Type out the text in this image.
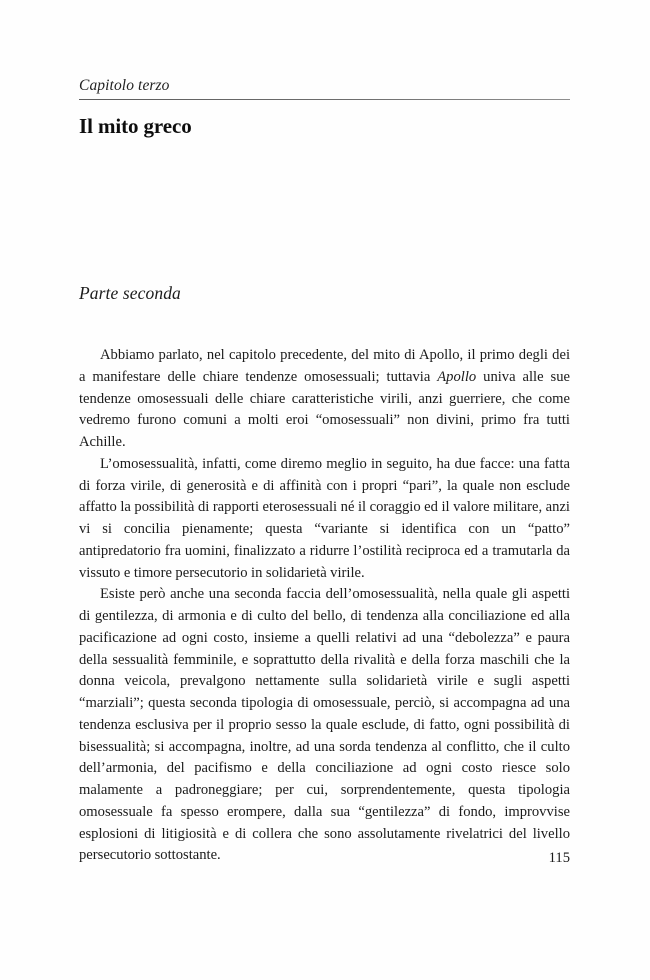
Capitolo terzo
Il mito greco
Parte seconda

Abbiamo parlato, nel capitolo precedente, del mito di Apollo, il primo degli dei a manifestare delle chiare tendenze omosessuali; tuttavia Apollo univa alle sue tendenze omosessuali delle chiare caratteristiche virili, anzi guerriere, che come vedremo furono comuni a molti eroi “omosessuali” non divini, primo fra tutti Achille.

L’omosessualità, infatti, come diremo meglio in seguito, ha due facce: una fatta di forza virile, di generosità e di affinità con i propri “pari”, la quale non esclude affatto la possibilità di rapporti eterosessuali né il coraggio ed il valore militare, anzi vi si concilia pienamente; questa “variante si identifica con un “patto” antipredatorio fra uomini, finalizzato a ridurre l’ostilità reciproca ed a tramutarla da vissuto e timore persecutorio in solidarietà virile.

Esiste però anche una seconda faccia dell’omosessualità, nella quale gli aspetti di gentilezza, di armonia e di culto del bello, di tendenza alla conciliazione ed alla pacificazione ad ogni costo, insieme a quelli relativi ad una “debolezza” e paura della sessualità femminile, e soprattutto della rivalità e della forza maschili che la donna veicola, prevalgono nettamente sulla solidarietà virile e sugli aspetti “marziali”; questa seconda tipologia di omosessuale, perciò, si accompagna ad una tendenza esclusiva per il proprio sesso la quale esclude, di fatto, ogni possibilità di bisessualità; si accompagna, inoltre, ad una sorda tendenza al conflitto, che il culto dell’armonia, del pacifismo e della conciliazione ad ogni costo riesce solo malamente a padroneggiare; per cui, sorprendentemente, questa tipologia omosessuale fa spesso erompere, dalla sua “gentilezza” di fondo, improvvise esplosioni di litigiosità e di collera che sono assolutamente rivelatrici del livello persecutorio sottostante.	115
